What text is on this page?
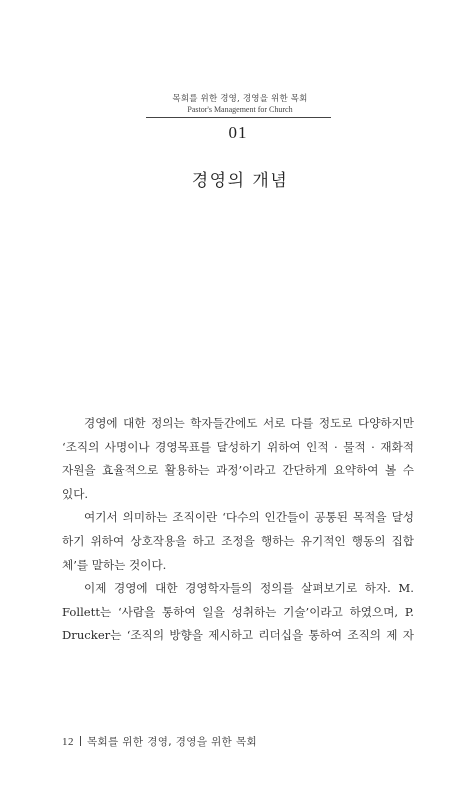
목회를 위한 경영, 경영을 위한 목회
Pastor's Management for Church
01
경영의 개념

경영에 대한 정의는 학자들간에도 서로 다를 정도로 다양하지만
‘조직의 사명이나 경영목표를 달성하기 위하여 인적 · 물적 · 재화적
자원을 효율적으로 활용하는 과정’이라고 간단하게 요약하여 볼 수
있다.

여기서 의미하는 조직이란 ‘다수의 인간들이 공통된 목적을 달성
하기 위하여 상호작용을 하고 조정을 행하는 유기적인 행동의 집합
체’를 말하는 것이다.

이제 경영에 대한 경영학자들의 정의를 살펴보기로 하자. M.
Follett는 ‘사람을 통하여 일을 성취하는 기술’이라고 하였으며, P.
Drucker는 ‘조직의 방향을 제시하고 리더십을 통하여 조직의 제 자

12 목회를 위한 경영, 경영을 위한 목회
